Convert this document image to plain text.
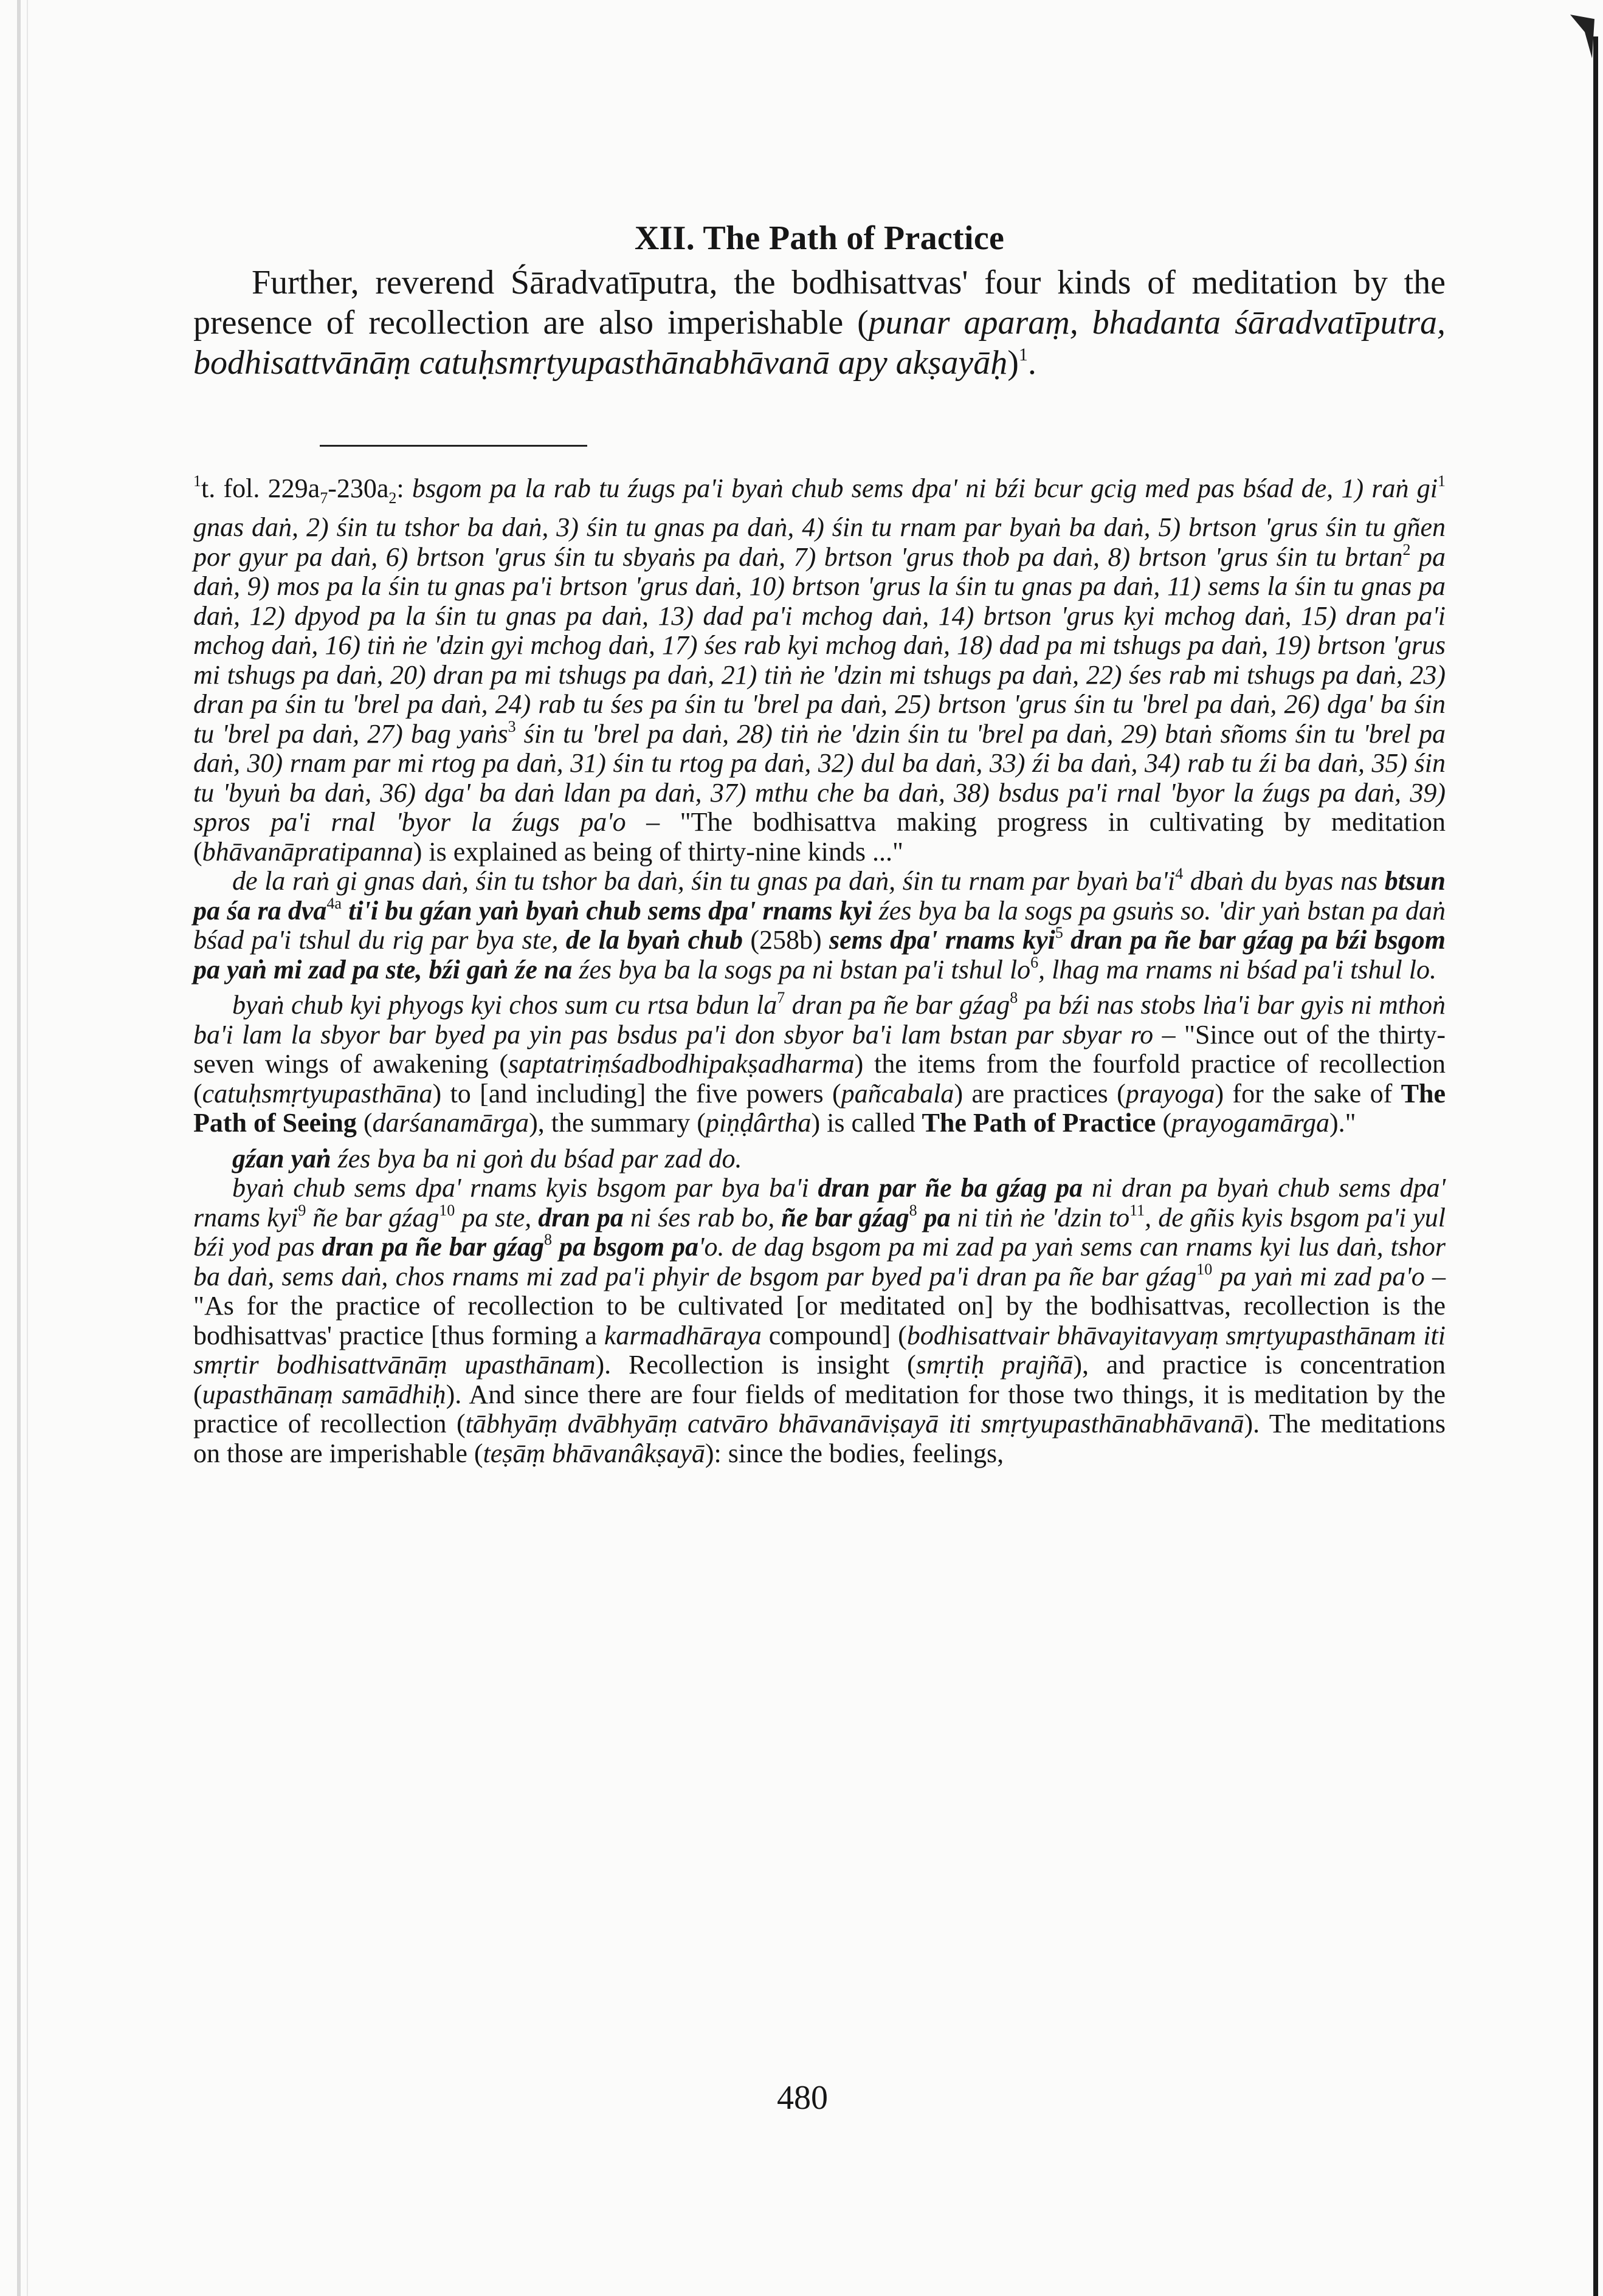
XII. The Path of Practice

Further, reverend Śāradvatīputra, the bodhisattvas' four kinds of meditation by the presence of recollection are also imperishable (punar aparaṃ, bhadanta śāradvatīputra, bodhisattvānāṃ catuḥsmṛtyupasthānabhāvanā apy akṣayāḥ)$^1$.

$^1$t. fol. $229a_7-230a_2$: bsgom pa la rab tu źugs pa'i byaṅ chub sems dpa' ni bźi bcur gcig med pas bśad de, 1) raṅ $gi^1$ gnas daṅ, 2) śin tu tshor ba daṅ, 3) śin tu gnas pa daṅ, 4) śin tu rnam par byaṅ ba daṅ, 5) brtson 'grus śin tu gñen por gyur pa daṅ, 6) brtson 'grus śin tu sbyaṅs pa daṅ, 7) brtson 'grus thob pa daṅ, 8) brtson 'grus śin tu brtan$^2$ pa daṅ, 9) mos pa la śin tu gnas pa'i brtson 'grus daṅ, 10) brtson 'grus la śin tu gnas pa daṅ, 11) sems la śin tu gnas pa daṅ, 12) dpyod pa la śin tu gnas pa daṅ, 13) dad pa'i mchog daṅ, 14) brtson 'grus kyi mchog daṅ, 15) dran pa'i mchog daṅ, 16) tiṅ ṅe 'dzin gyi mchog daṅ, 17) śes rab kyi mchog daṅ, 18) dad pa mi tshugs pa daṅ, 19) brtson 'grus mi tshugs pa daṅ, 20) dran pa mi tshugs pa daṅ, 21) tiṅ ṅe 'dzin mi tshugs pa daṅ, 22) śes rab mi tshugs pa daṅ, 23) dran pa śin tu 'brel pa daṅ, 24) rab tu śes pa śin tu 'brel pa daṅ, 25) brtson 'grus śin tu 'brel pa daṅ, 26) dga' ba śin tu 'brel pa daṅ, 27) bag yaṅs$^3$ śin tu 'brel pa daṅ, 28) tiṅ ṅe 'dzin śin tu 'brel pa daṅ, 29) btaṅ sñoms śin tu 'brel pa daṅ, 30) rnam par mi rtog pa daṅ, 31) śin tu rtog pa daṅ, 32) dul ba daṅ, 33) źi ba daṅ, 34) rab tu źi ba daṅ, 35) śin tu 'byuṅ ba daṅ, 36) dga' ba daṅ ldan pa daṅ, 37) mthu che ba daṅ, 38) bsdus pa'i rnal 'byor la źugs pa daṅ, 39) spros pa'i rnal 'byor la źugs pa'o – "The bodhisattva making progress in cultivating by meditation (bhāvanāpratipanna) is explained as being of thirty-nine kinds ..."

de la raṅ gi gnas daṅ, śin tu tshor ba daṅ, śin tu gnas pa daṅ, śin tu rnam par byaṅ $ba'i^4$ dbaṅ du byas nas btsun pa śa ra dva$^{4a}$ ti'i bu gźan yaṅ byaṅ chub sems dpa' rnams kyi źes bya ba la sogs pa gsuṅs so. 'dir yaṅ bstan pa daṅ bśad pa'i tshul du rig par bya ste, de la byaṅ chub (258b) sems dpa' rnams kyi$^5$ dran pa ñe bar gźag pa bźi bsgom pa yaṅ mi zad pa ste, bźi gaṅ źe na źes bya ba la sogs pa ni bstan pa'i tshul $lo^6$, lhag ma rnams ni bśad pa'i tshul lo.

byaṅ chub kyi phyogs kyi chos sum cu rtsa bdun $la^7$ dran pa ñe bar gźag$^8$ pa bźi nas stobs lṅa'i bar gyis ni mthoṅ ba'i lam la sbyor bar byed pa yin pas bsdus pa'i don sbyor ba'i lam bstan par sbyar ro – "Since out of the thirty-seven wings of awakening (saptatriṃśadbodhipakṣadharma) the items from the fourfold practice of recollection (catuḥsmṛtyupasthāna) to [and including] the five powers (pañcabala) are practices (prayoga) for the sake of The Path of Seeing (darśanamārga), the summary (piṇḍârtha) is called The Path of Practice (prayogamārga)."

gźan yaṅ źes bya ba ni goṅ du bśad par zad do.

byaṅ chub sems dpa' rnams kyis bsgom par bya ba'i dran par ñe ba gźag pa ni dran pa byaṅ chub sems dpa' rnams kyi$^9$ ñe bar gźag$^{10}$ pa ste, dran pa ni śes rab bo, ñe bar gźag$^8$ pa ni tiṅ ṅe 'dzin $to^{11}$, de gñis kyis bsgom pa'i yul bźi yod pas dran pa ñe bar gźag$^8$ pa bsgom pa'o. de dag bsgom pa mi zad pa yaṅ sems can rnams kyi lus daṅ, tshor ba daṅ, sems daṅ, chos rnams mi zad pa'i phyir de bsgom par byed pa'i dran pa ñe bar gźag$^{10}$ pa yaṅ mi zad pa'o – "As for the practice of recollection to be cultivated [or meditated on] by the bodhisattvas, recollection is the bodhisattvas' practice [thus forming a karmadhāraya compound] (bodhisattvair bhāvayitavyaṃ smṛtyupasthānam iti smṛtir bodhisattvānāṃ upasthānam). Recollection is insight (smṛtiḥ prajñā), and practice is concentration (upasthānaṃ samādhiḥ). And since there are four fields of meditation for those two things, it is meditation by the practice of recollection (tābhyāṃ dvābhyāṃ catvāro bhāvanāviṣayā iti smṛtyupasthānabhāvanā). The meditations on those are imperishable (teṣāṃ bhāvanâkṣayā): since the bodies, feelings,

480
